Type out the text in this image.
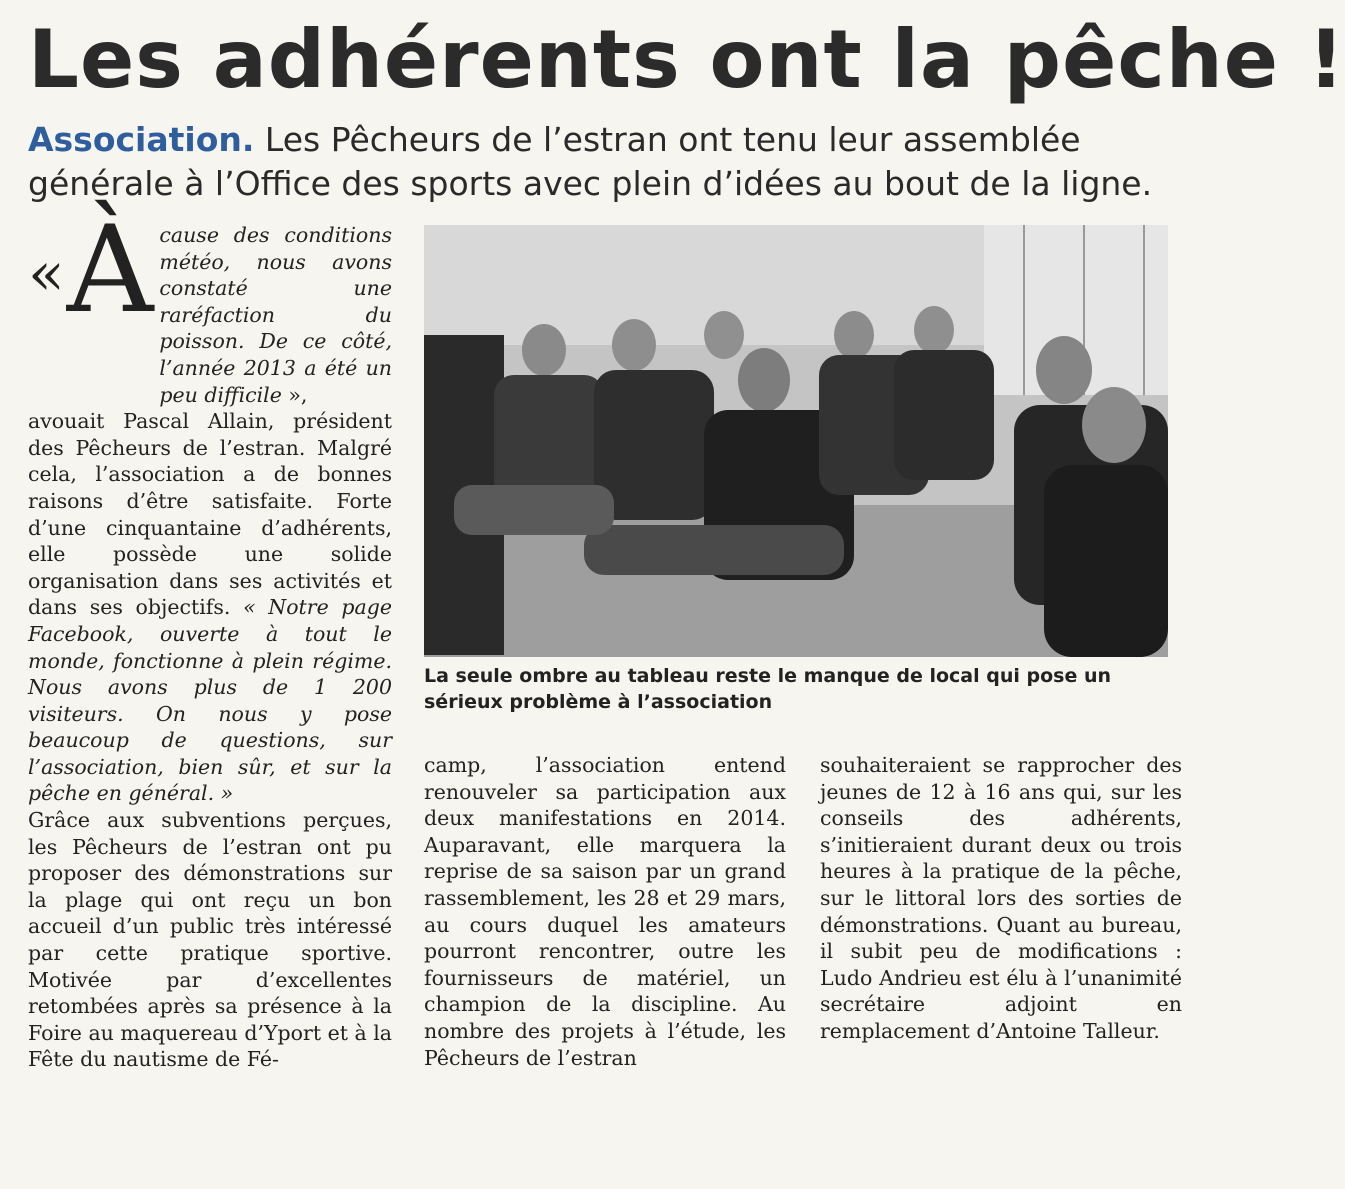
Les adhérents ont la pêche !

Association. Les Pêcheurs de l’estran ont tenu leur assemblée générale à l’Office des sports avec plein d’idées au bout de la ligne.

« À cause des conditions météo, nous avons constaté une raréfaction du poisson. De ce côté, l’année 2013 a été un peu difficile »,

avouait Pascal Allain, président des Pêcheurs de l’estran. Malgré cela, l’association a de bonnes raisons d’être satisfaite. Forte d’une cinquantaine d’adhérents, elle possède une solide organisation dans ses activités et dans ses objectifs. « Notre page Facebook, ouverte à tout le monde, fonctionne à plein régime. Nous avons plus de 1 200 visiteurs. On nous y pose beaucoup de questions, sur l’association, bien sûr, et sur la pêche en général. »

Grâce aux subventions perçues, les Pêcheurs de l’estran ont pu proposer des démonstrations sur la plage qui ont reçu un bon accueil d’un public très intéressé par cette pratique sportive. Motivée par d’excellentes retombées après sa présence à la Foire au maquereau d’Yport et à la Fête du nautisme de Fé-

La seule ombre au tableau reste le manque de local qui pose un sérieux problème à l’association

camp, l’association entend renouveler sa participation aux deux manifestations en 2014. Auparavant, elle marquera la reprise de sa saison par un grand rassemblement, les 28 et 29 mars, au cours duquel les amateurs pourront rencontrer, outre les fournisseurs de matériel, un champion de la discipline. Au nombre des projets à l’étude, les Pêcheurs de l’estran

souhaiteraient se rapprocher des jeunes de 12 à 16 ans qui, sur les conseils des adhérents, s’initieraient durant deux ou trois heures à la pratique de la pêche, sur le littoral lors des sorties de démonstrations. Quant au bureau, il subit peu de modifications : Ludo Andrieu est élu à l’unanimité secrétaire adjoint en remplacement d’Antoine Talleur.
